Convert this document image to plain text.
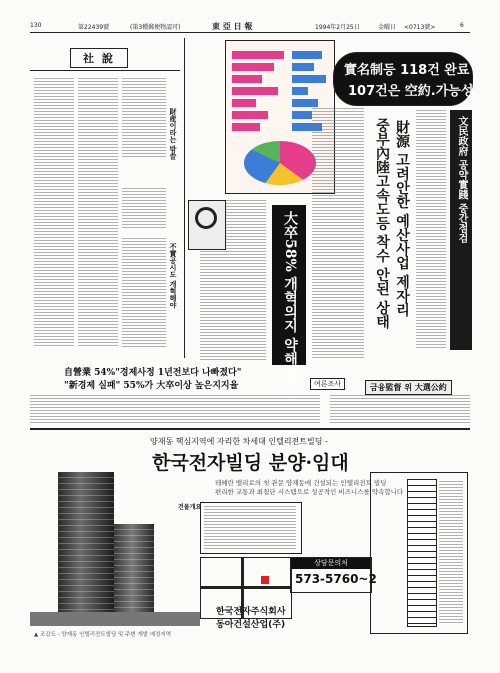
130	第22439號	(第3種郵便物認可)	東 亞 日 報	1994年2月25日	金曜日 <0713號>	6
社 說
財産이라는 밖쓸
不實공시도 개혁해야
實名制등 118건 완료
107건은 空約.가능성
財源 고려안한 예산사업 제자리
중부內陸고속도등 착수 안된 상태	文民政府 공약實踐 중간점검
大卒58% 개혁의지 약해졌다
自營業 54%"경제사정 1년전보다 나빠졌다"
"新경제 실패" 55%가 大卒이상 높은지지율	여론조사	금융監督 위 大選公約
양재동 핵심지역에 자리한 차세대 인텔리전트빌딩 -
한국전자빌딩 분양·임대
테헤란 밸리로의 첫 관문 양재동에 건설되는 인텔리전트 빌딩
편리한 교통과 최첨단 시스템으로 성공적인 비즈니스를 약속합니다
건물개요
상담문의처
573-5760~2
한국전자주식회사
동아건설산업(주)
▲ 조감도 - 양재동 인텔리전트빌딩 및 주변 개발 예정지역
